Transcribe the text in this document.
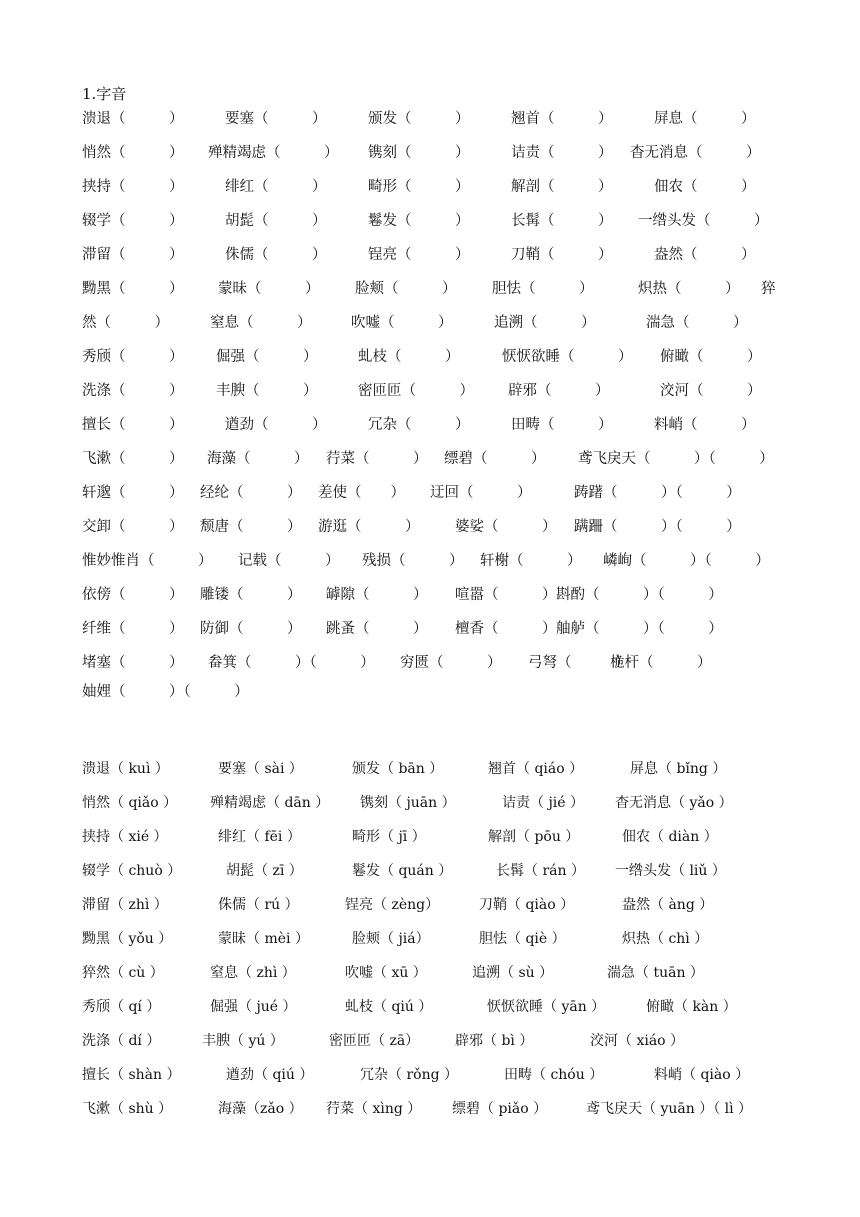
1.字音
溃退（　　　）	要塞（　　　）	颁发（　　　）	翘首（　　　）	屏息（　　　）
悄然（　　　） 殚精竭虑（　　　） 镌刻（　　　）	诘责（　　　） 杳无消息（　　　）
挟持（　　　）	绯红（　　　）	畸形（　　　）	解剖（　　　）	佃农（　　　）
辍学（　　　）	胡髭（　　　）	鬈发（　　　）	长髯（　　　） 一绺头发（　　　）
滞留（　　　）	侏儒（　　　）	锃亮（　　　）	刀鞘（　　　）	盎然（　　　）
黝黑（　　　） 蒙昧（　　　） 脸颊（　　　） 胆怯（　　　）	炽热（　　　） 猝
然（　　　）	窒息（　　　）	吹嘘（　　　）	追溯（　　　）	湍急（　　　）
秀颀（　　　） 倔强（　　　）	虬枝（　　　）	恹恹欲睡（　　　） 俯瞰（　　　）
洗涤（　　　） 丰腴（　　　）	密匝匝（　　　） 辟邪（　　　）	洨河（　　　）
擅长（　　　）	遒劲（　　　）	冗杂（　　　）	田畴（　　　）	料峭（　　　）
飞漱（　　　） 海藻（　　　） 荇菜（　　　） 缥碧（　　　） 鸢飞戾天（　　　）（　　　）
轩邈（　　　） 经纶（　　　） 差使（　　） 迂回（　　　）	踌躇（　　　）（　　　）
交卸（　　　） 颓唐（　　　） 游逛（　　　） 婆娑（　　　） 蹒跚（　　　）（　　　）
惟妙惟肖（　　　） 记载（　　　） 残损（　　　） 轩榭（　　　） 嶙峋（　　　）（　　　）
依傍（　　　） 雕镂（　　　） 罅隙（　　　） 喧嚣（　　　） 斟酌（　　　）（　　　）
纤维（　　　） 防御（　　　） 跳蚤（　　　） 檀香（　　　） 舳舻（　　　）（　　　）
堵塞（　　　） 畚箕（　　　）（　　　） 穷匮（　　　） 弓弩（　　　）
桅杆（　　　）
妯娌（　　　）（　　　）
溃退（ kuì ）	要塞（ sài ）	颁发（ bān ）	翘首（ qiáo ）	屏息（ bǐng ）
悄然（ qiǎo ） 殚精竭虑（ dān ） 镌刻（ juān ）	诘责（ jié ） 杳无消息（ yǎo ）
挟持（ xié ）	绯红（ fēi ）	畸形（ jī ）	解剖（ pōu ）	佃农（ diàn ）
辍学（ chuò ）	胡髭（ zī ）	鬈发（ quán ）	长髯（ rán ） 一绺头发（ liǔ ）
滞留（ zhì ）	侏儒（ rú ）	锃亮（ zèng）	刀鞘（ qiào ）	盎然（ àng ）
黝黑（ yǒu ）	蒙昧（ mèi ）	脸颊（ jiá）	胆怯（ qiè ）	炽热（ chì ）
猝然（ cù ）	窒息（ zhì ）	吹嘘（ xū ）	追溯（ sù ）	湍急（ tuān ）
秀颀（ qí ）	倔强（ jué ）	虬枝（ qiú ）	恹恹欲睡（ yān ）	俯瞰（ kàn ）
洗涤（ dí ）	丰腴（ yú ）	密匝匝（ zā）	辟邪（ bì ）	洨河（ xiáo ）
擅长（ shàn ）	遒劲（ qiú ）	冗杂（ rǒng ）	田畴（ chóu ）	料峭（ qiào ）
飞漱（ shù ）	海藻（zǎo ） 荇菜（ xìng ） 缥碧（ piǎo ）	鸢飞戾天（ yuān ）（ lì ）
